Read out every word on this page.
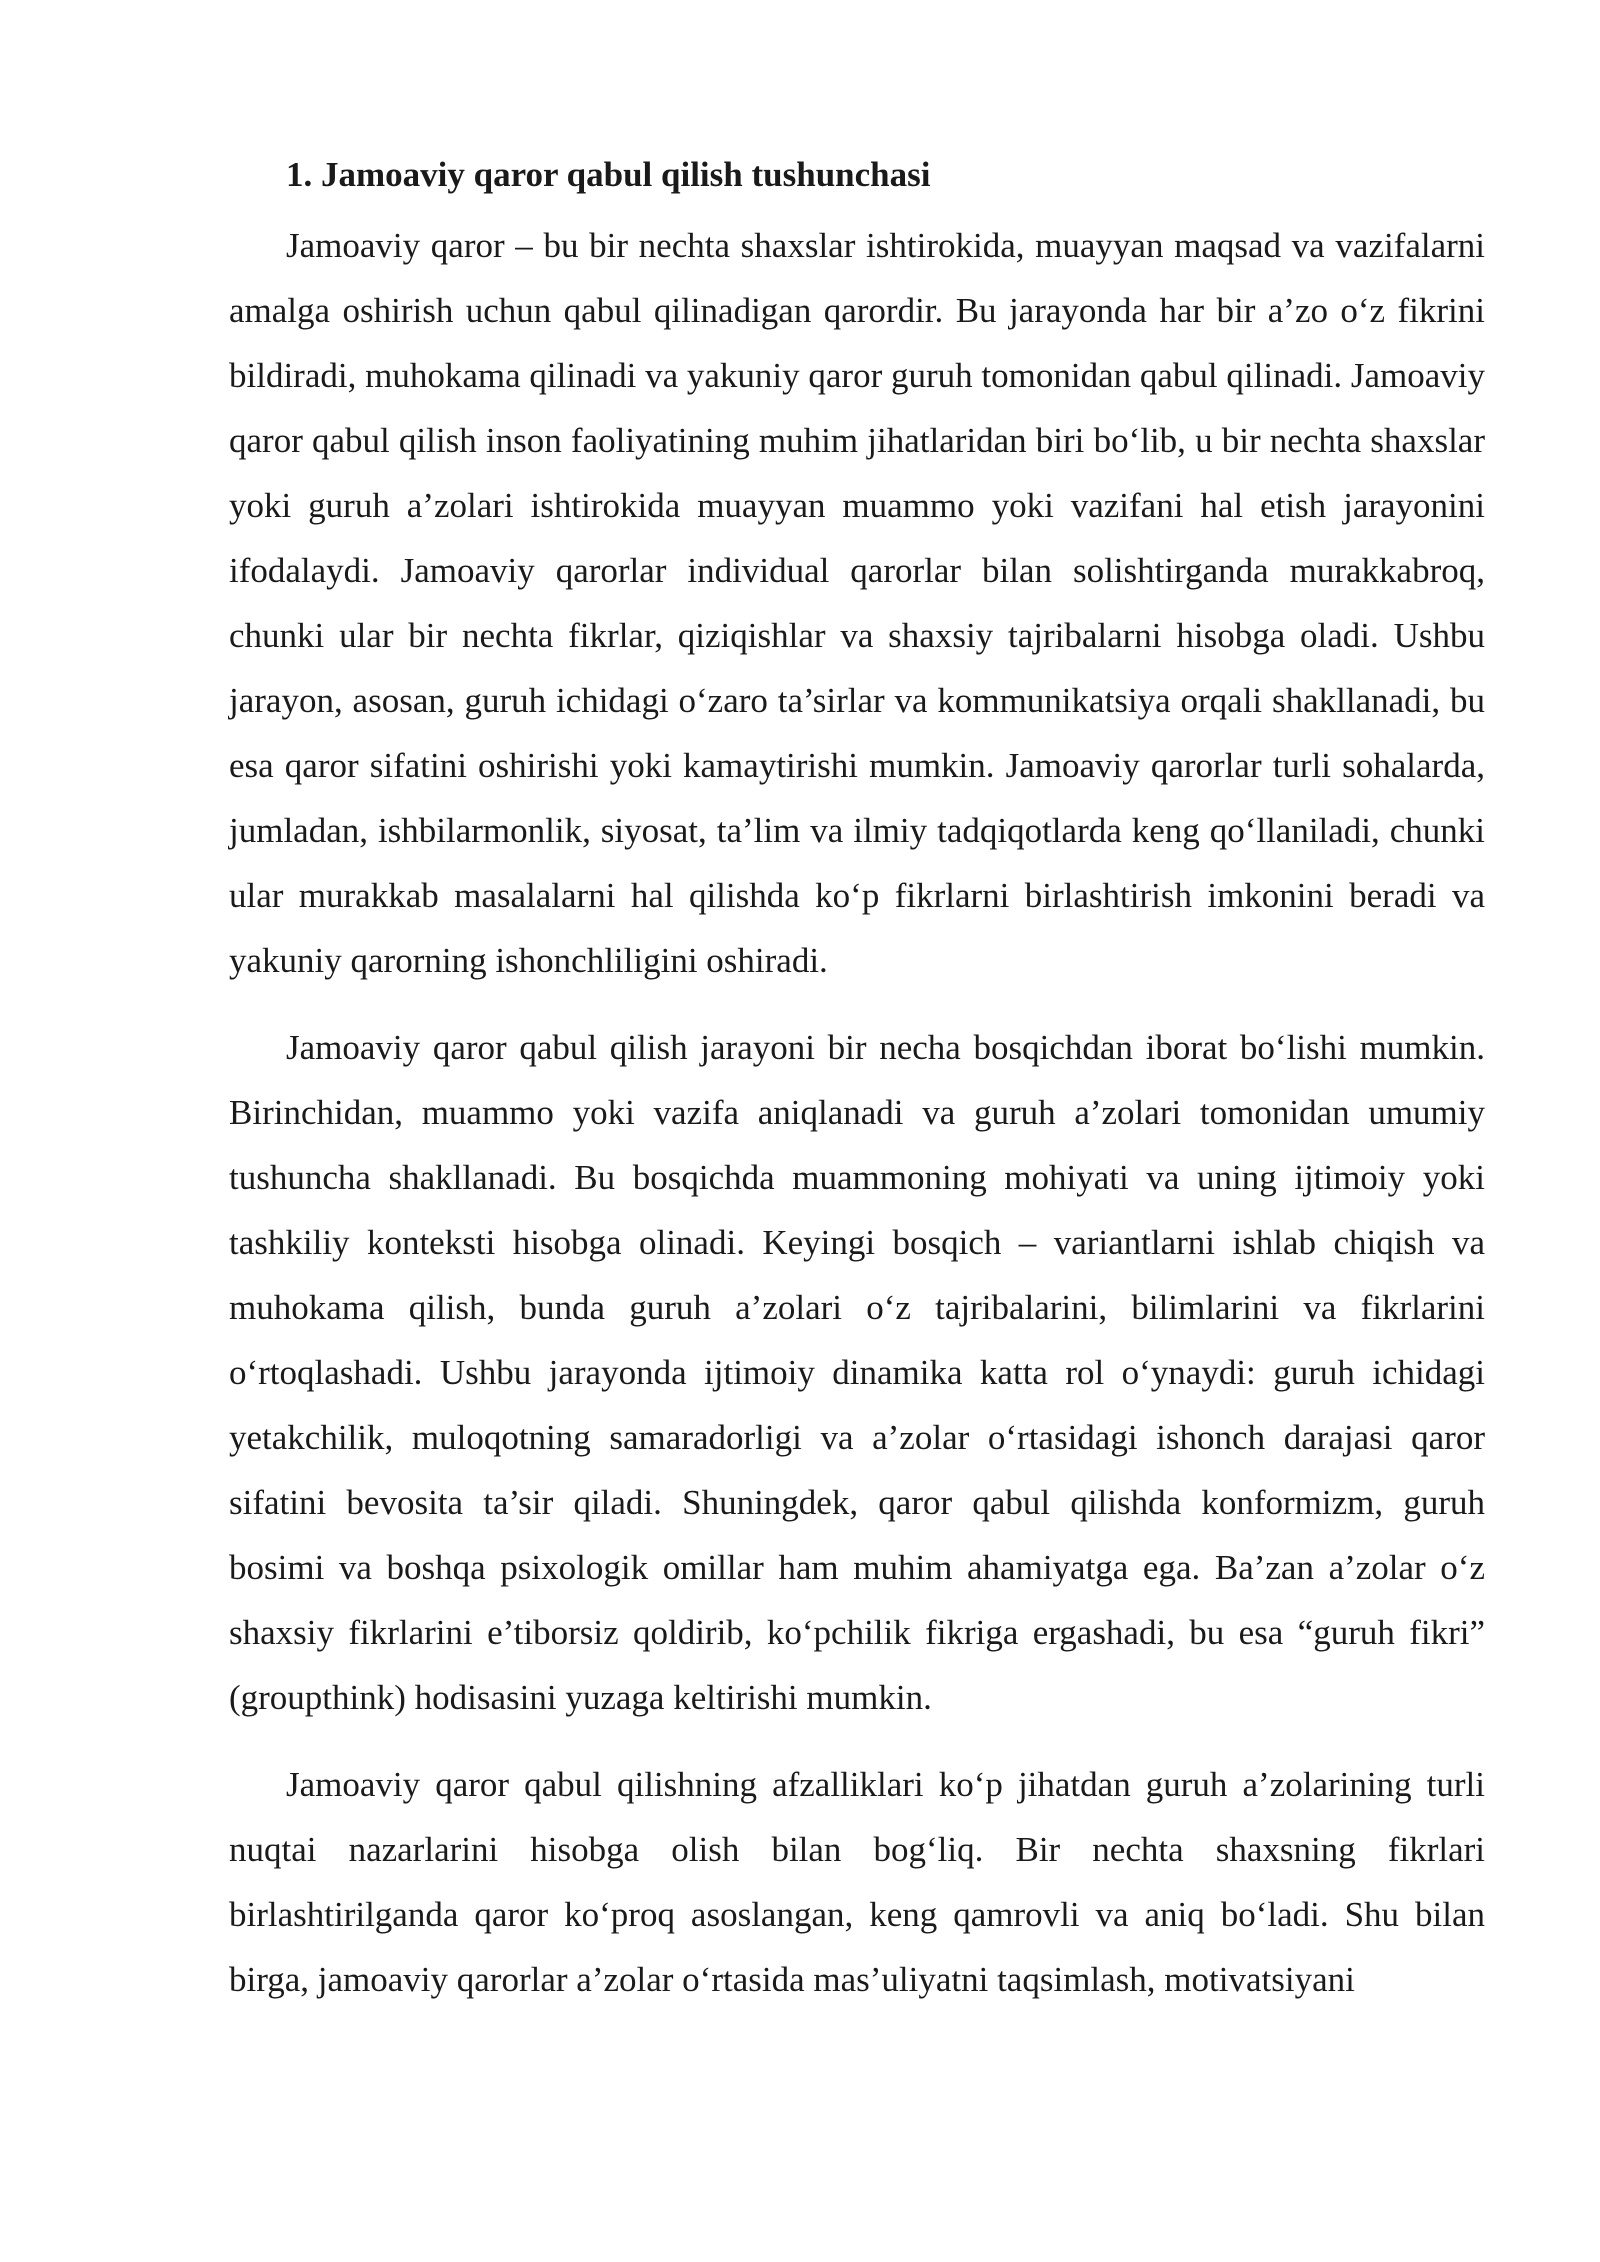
1. Jamoaviy qaror qabul qilish tushunchasi

Jamoaviy qaror – bu bir nechta shaxslar ishtirokida, muayyan maqsad va vazifalarni amalga oshirish uchun qabul qilinadigan qarordir. Bu jarayonda har bir a’zo o‘z fikrini bildiradi, muhokama qilinadi va yakuniy qaror guruh tomonidan qabul qilinadi. Jamoaviy qaror qabul qilish inson faoliyatining muhim jihatlaridan biri bo‘lib, u bir nechta shaxslar yoki guruh a’zolari ishtirokida muayyan muammo yoki vazifani hal etish jarayonini ifodalaydi. Jamoaviy qarorlar individual qarorlar bilan solishtirganda murakkabroq, chunki ular bir nechta fikrlar, qiziqishlar va shaxsiy tajribalarni hisobga oladi. Ushbu jarayon, asosan, guruh ichidagi o‘zaro ta’sirlar va kommunikatsiya orqali shakllanadi, bu esa qaror sifatini oshirishi yoki kamaytirishi mumkin. Jamoaviy qarorlar turli sohalarda, jumladan, ishbilarmonlik, siyosat, ta’lim va ilmiy tadqiqotlarda keng qo‘llaniladi, chunki ular murakkab masalalarni hal qilishda ko‘p fikrlarni birlashtirish imkonini beradi va yakuniy qarorning ishonchliligini oshiradi.

Jamoaviy qaror qabul qilish jarayoni bir necha bosqichdan iborat bo‘lishi mumkin. Birinchidan, muammo yoki vazifa aniqlanadi va guruh a’zolari tomonidan umumiy tushuncha shakllanadi. Bu bosqichda muammoning mohiyati va uning ijtimoiy yoki tashkiliy konteksti hisobga olinadi. Keyingi bosqich – variantlarni ishlab chiqish va muhokama qilish, bunda guruh a’zolari o‘z tajribalarini, bilimlarini va fikrlarini o‘rtoqlashadi. Ushbu jarayonda ijtimoiy dinamika katta rol o‘ynaydi: guruh ichidagi yetakchilik, muloqotning samaradorligi va a’zolar o‘rtasidagi ishonch darajasi qaror sifatini bevosita ta’sir qiladi. Shuningdek, qaror qabul qilishda konformizm, guruh bosimi va boshqa psixologik omillar ham muhim ahamiyatga ega. Ba’zan a’zolar o‘z shaxsiy fikrlarini e’tiborsiz qoldirib, ko‘pchilik fikriga ergashadi, bu esa “guruh fikri” (groupthink) hodisasini yuzaga keltirishi mumkin.

Jamoaviy qaror qabul qilishning afzalliklari ko‘p jihatdan guruh a’zolarining turli nuqtai nazarlarini hisobga olish bilan bog‘liq. Bir nechta shaxsning fikrlari birlashtirilganda qaror ko‘proq asoslangan, keng qamrovli va aniq bo‘ladi. Shu bilan birga, jamoaviy qarorlar a’zolar o‘rtasida mas’uliyatni taqsimlash, motivatsiyani
